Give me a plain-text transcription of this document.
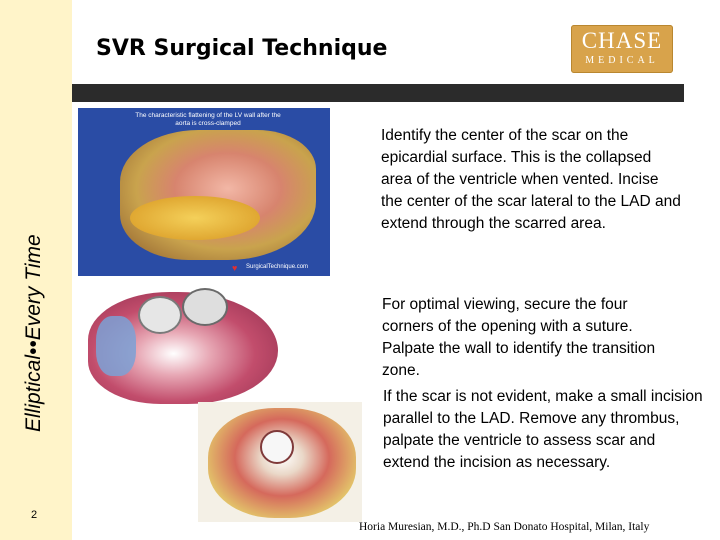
Elliptical••Every Time
2
SVR Surgical Technique	CHASE
MEDICAL
The characteristic flattening of the LV wall after the aorta is cross-clamped
♥ SurgicalTechnique.com
Identify the center of the scar on the epicardial surface. This is the collapsed area of the ventricle when vented. Incise the center of the scar lateral to the LAD and extend through the scarred area.
For optimal viewing, secure the four corners of the opening with a suture. Palpate the wall to identify the transition zone.
If the scar is not evident, make a small incision parallel to the LAD. Remove any thrombus, palpate the ventricle to assess scar and extend the incision as necessary.
Horia Muresian, M.D., Ph.D San Donato Hospital, Milan, Italy
